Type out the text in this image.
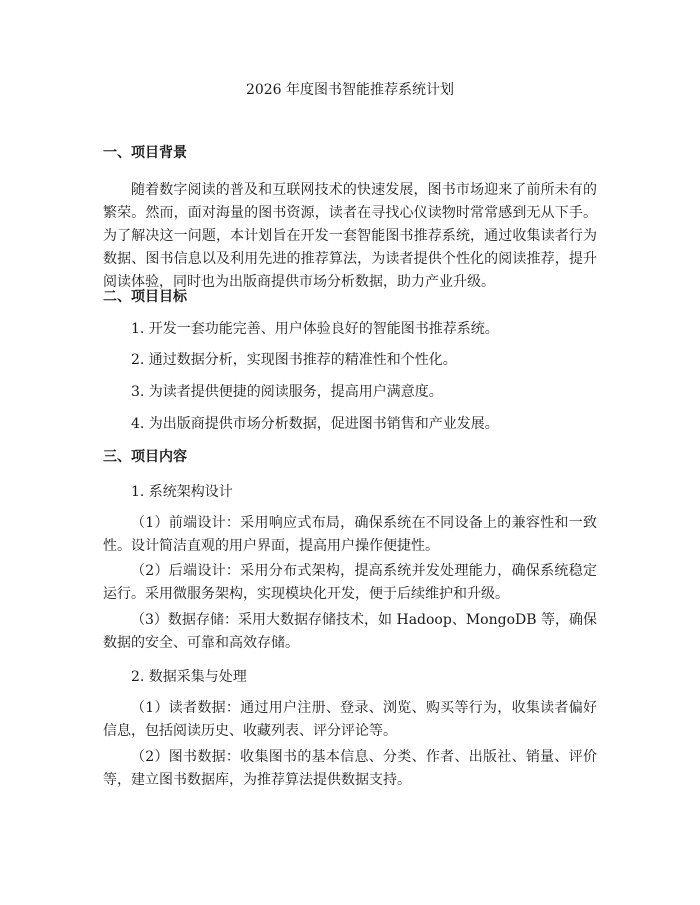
2026 年度图书智能推荐系统计划
一、项目背景
随着数字阅读的普及和互联网技术的快速发展，图书市场迎来了前所未有的繁荣。然而，面对海量的图书资源，读者在寻找心仪读物时常常感到无从下手。为了解决这一问题，本计划旨在开发一套智能图书推荐系统，通过收集读者行为数据、图书信息以及利用先进的推荐算法，为读者提供个性化的阅读推荐，提升阅读体验，同时也为出版商提供市场分析数据，助力产业升级。
二、项目目标
1. 开发一套功能完善、用户体验良好的智能图书推荐系统。
2. 通过数据分析，实现图书推荐的精准性和个性化。
3. 为读者提供便捷的阅读服务，提高用户满意度。
4. 为出版商提供市场分析数据，促进图书销售和产业发展。
三、项目内容
1. 系统架构设计
（1）前端设计：采用响应式布局，确保系统在不同设备上的兼容性和一致性。设计简洁直观的用户界面，提高用户操作便捷性。
（2）后端设计：采用分布式架构，提高系统并发处理能力，确保系统稳定运行。采用微服务架构，实现模块化开发，便于后续维护和升级。
（3）数据存储：采用大数据存储技术，如 Hadoop、MongoDB 等，确保数据的安全、可靠和高效存储。
2. 数据采集与处理
（1）读者数据：通过用户注册、登录、浏览、购买等行为，收集读者偏好信息，包括阅读历史、收藏列表、评分评论等。
（2）图书数据：收集图书的基本信息、分类、作者、出版社、销量、评价等，建立图书数据库，为推荐算法提供数据支持。
